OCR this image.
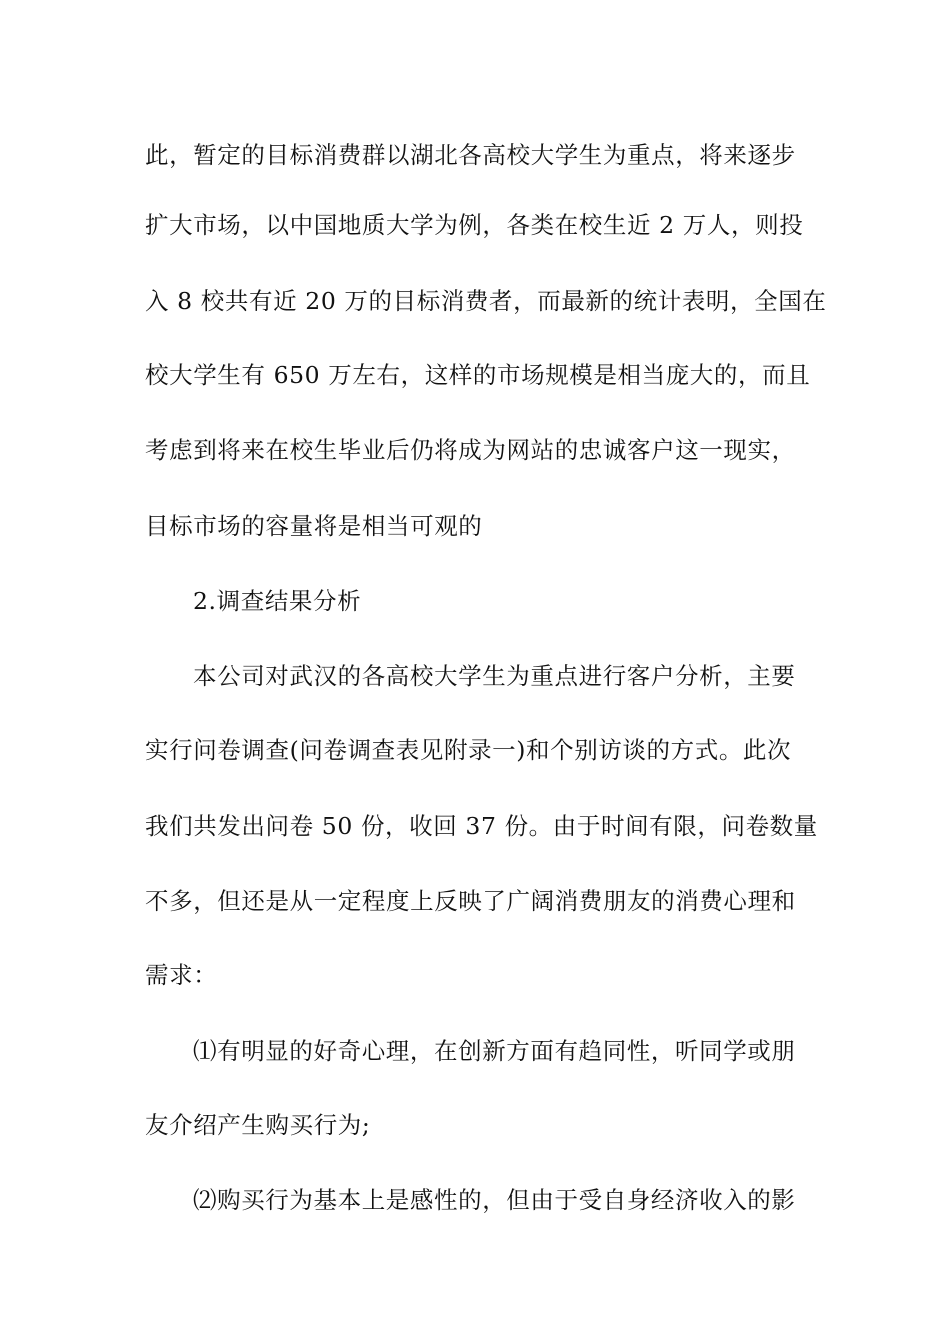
此，暂定的目标消费群以湖北各高校大学生为重点，将来逐步

扩大市场，以中国地质大学为例，各类在校生近 2 万人，则投

入 8 校共有近 20 万的目标消费者，而最新的统计表明，全国在

校大学生有 650 万左右，这样的市场规模是相当庞大的，而且

考虑到将来在校生毕业后仍将成为网站的忠诚客户这一现实，

目标市场的容量将是相当可观的

2.调查结果分析

本公司对武汉的各高校大学生为重点进行客户分析，主要

实行问卷调查(问卷调查表见附录一)和个别访谈的方式。此次

我们共发出问卷 50 份，收回 37 份。由于时间有限，问卷数量

不多，但还是从一定程度上反映了广阔消费朋友的消费心理和

需求：

⑴有明显的好奇心理，在创新方面有趋同性，听同学或朋

友介绍产生购买行为;

⑵购买行为基本上是感性的，但由于受自身经济收入的影
